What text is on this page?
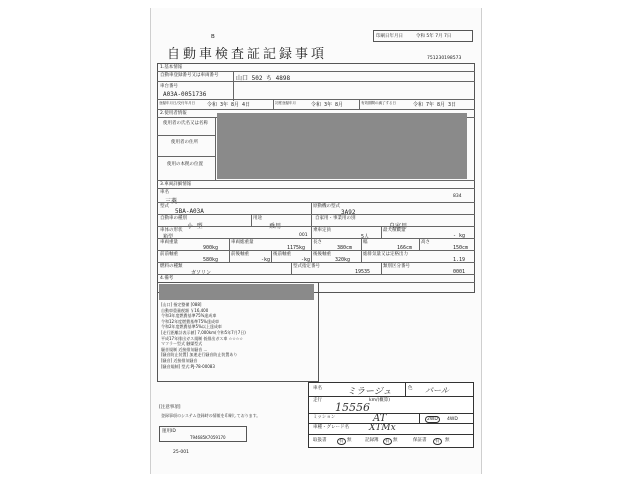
印刷日年月日	令和 5年 7月 7日
B
自動車検査証記録事項	751230198573
1.基本情報
自動車登録番号又は車両番号	山口 502 ち 4898
車台番号
A03A-0051736
登録年月日/交付年月日 令和 3年 8月 4日	初度登録年月	令和 3年 8月	有効期間の満了する日	令和 7年 8月 3日
2.使用者情報
使用者の氏名又は名称
使用者の住所
使用の本拠の位置
3.車両詳細情報
車名
三菱
834
型式
5BA-A03A
原動機の型式
3A92
自動車の種別
小 型
用途
乗用
自家用・事業用の別
自家用
車体の形状
箱型	001
乗車定員
5人
最大積載量
- kg
車両重量
900kg
車両総重量
1175kg
長さ
380cm
幅
166cm
高さ
150cm
前前軸重
580kg
前後軸重
-kg
後前軸重
-kg
後後軸重
320kg
総排気量又は定格出力
1.19
燃料の種類
ガソリン
型式指定番号
19535
類別区分番号
0001
4.備考
[山口] 指定整備 [088]
自動車重量税額 ￥16,400
令和3年度燃費基準75%達成車
令和12年度燃費基準75%達成車
令和2年度燃費基準5%以上達成車
[走行距離計表示値] 7,000km(令和5年7月7日)
平成17年排出ガス規制 低排出ガス車 ☆☆☆☆
マフラー型式 触媒型式
騒音規制 近接排気騒音 ...
[騒音防止装置] 加速走行騒音防止装置あり
[騒音] 近接排気騒音
[騒音規制] 型式:PJ-78-00083
[注意事項]
登録事項のシステム登録時の情報を印刷しております。
運用ID
T94685K7059170
25-001
車名	ミラージュ	色 パール
走行	km/(概算)
15556
ミッション	AT	2WD	4WD
車種・グレード名 XTMx
取扱書	有 無	記録簿	有 無	保証書	有	無
